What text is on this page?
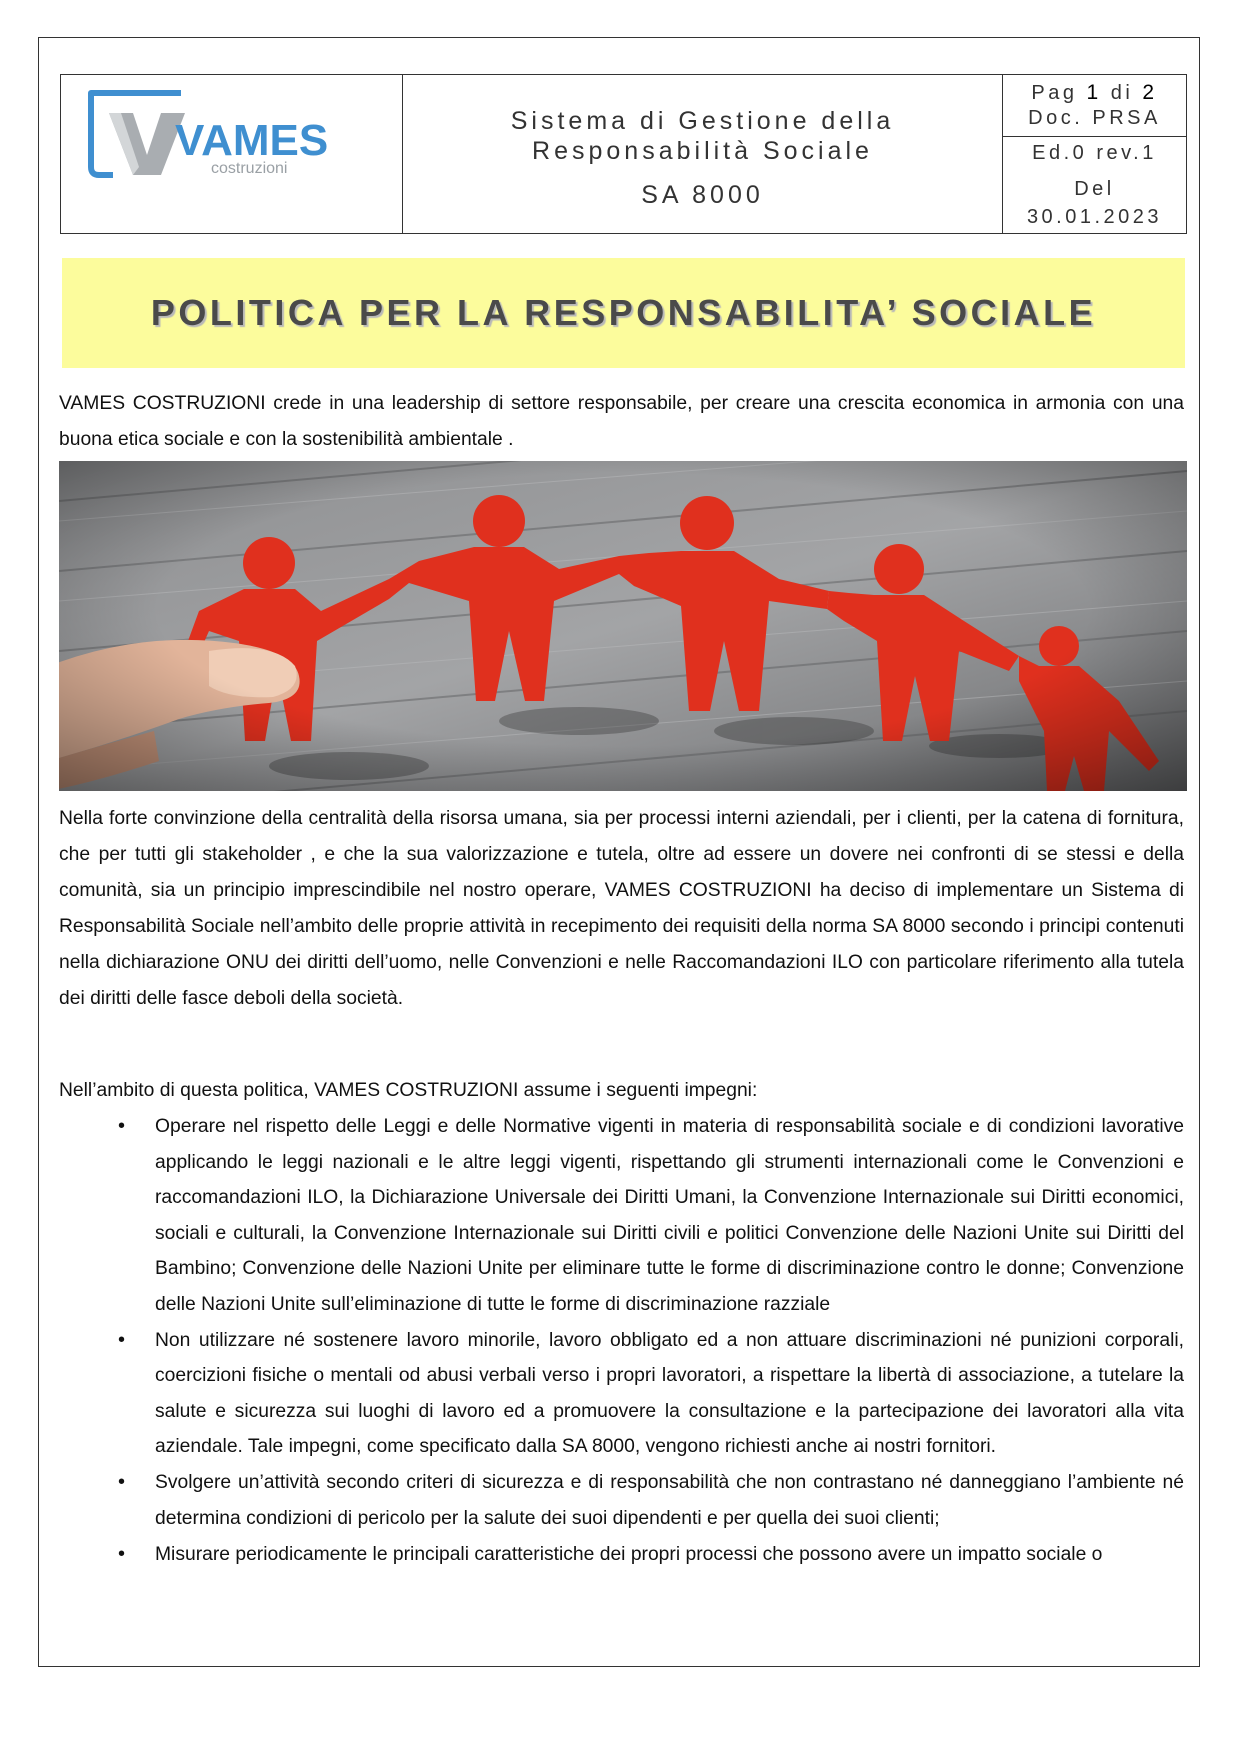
VAMES
costruzioni
Sistema di Gestione della
Responsabilità Sociale
SA 8000
Pag 1 di 2
Doc. PRSA
Ed.0 rev.1
Del
30.01.2023
POLITICA PER LA RESPONSABILITA’ SOCIALE

VAMES COSTRUZIONI crede in una leadership di settore responsabile, per creare una crescita economica in armonia con una buona etica sociale e con la sostenibilità ambientale .

Nella forte convinzione della centralità della risorsa umana, sia per processi interni aziendali, per i clienti, per la catena di fornitura, che per tutti gli stakeholder , e che la sua valorizzazione e tutela, oltre ad essere un dovere nei confronti di se stessi e della comunità, sia un principio imprescindibile nel nostro operare, VAMES COSTRUZIONI ha deciso di implementare un Sistema di Responsabilità Sociale nell’ambito delle proprie attività in recepimento dei requisiti della norma SA 8000 secondo i principi contenuti nella dichiarazione ONU dei diritti dell’uomo, nelle Convenzioni e nelle Raccomandazioni ILO con particolare riferimento alla tutela dei diritti delle fasce deboli della società.

Nell’ambito di questa politica, VAMES COSTRUZIONI assume i seguenti impegni:

• Operare nel rispetto delle Leggi e delle Normative vigenti in materia di responsabilità sociale e di condizioni lavorative applicando le leggi nazionali e le altre leggi vigenti, rispettando gli strumenti internazionali come le Convenzioni e raccomandazioni ILO, la Dichiarazione Universale dei Diritti Umani, la Convenzione Internazionale sui Diritti economici, sociali e culturali, la Convenzione Internazionale sui Diritti civili e politici Convenzione delle Nazioni Unite sui Diritti del Bambino; Convenzione delle Nazioni Unite per eliminare tutte le forme di discriminazione contro le donne; Convenzione delle Nazioni Unite sull’eliminazione di tutte le forme di discriminazione razziale
• Non utilizzare né sostenere lavoro minorile, lavoro obbligato ed a non attuare discriminazioni né punizioni corporali, coercizioni fisiche o mentali od abusi verbali verso i propri lavoratori, a rispettare la libertà di associazione, a tutelare la salute e sicurezza sui luoghi di lavoro ed a promuovere la consultazione e la partecipazione dei lavoratori alla vita aziendale. Tale impegni, come specificato dalla SA 8000, vengono richiesti anche ai nostri fornitori.
• Svolgere un’attività secondo criteri di sicurezza e di responsabilità che non contrastano né danneggiano l’ambiente né determina condizioni di pericolo per la salute dei suoi dipendenti e per quella dei suoi clienti;
• Misurare periodicamente le principali caratteristiche dei propri processi che possono avere un impatto sociale o
